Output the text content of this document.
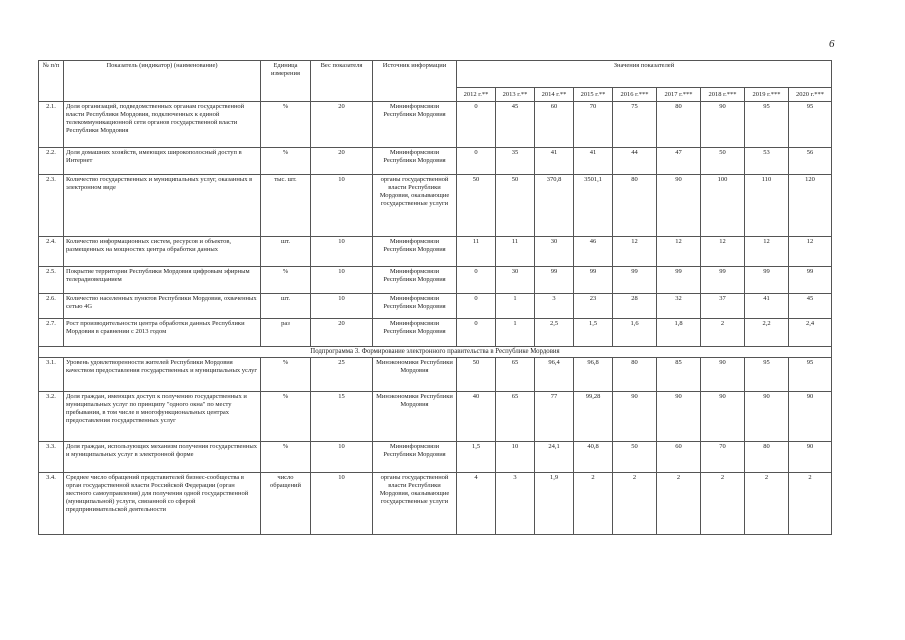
6
№ п/п	Показатель (индикатор) (наименование)	Единица измерения	Вес показателя	Источник информации	Значения показателей								
					2012 г.**	2013 г.**	2014 г.**	2015 г.**	2016 г.***	2017 г.***	2018 г.***	2019 г.***	2020 г.***
2.1.	Доля организаций, подведомственных органам государственной власти Республики Мордовия, подключенных к единой телекоммуникационной сети органов государственной власти Республики Мордовия	%	20	Мининформсвязи Республики Мордовия	0	45	60	70	75	80	90	95	95
2.2.	Доля домашних хозяйств, имеющих широкополосный доступ в Интернет	%	20	Мининформсвязи Республики Мордовия	0	35	41	41	44	47	50	53	56
2.3.	Количество государственных и муниципальных услуг, оказанных в электронном виде	тыс. шт.	10	органы государственной власти Республики Мордовия, оказывающие государственные услуги	50	50	370,8	3501,1	80	90	100	110	120
2.4.	Количество информационных систем, ресурсов и объектов, размещенных на мощностях центра обработки данных	шт.	10	Мининформсвязи Республики Мордовия	11	11	30	46	12	12	12	12	12
2.5.	Покрытие территории Республики Мордовия цифровым эфирным телерадиовещанием	%	10	Мининформсвязи Республики Мордовия	0	30	99	99	99	99	99	99	99
2.6.	Количество населенных пунктов Республики Мордовия, охваченных сетью 4G	шт.	10	Мининформсвязи Республики Мордовия	0	1	3	23	28	32	37	41	45
2.7.	Рост производительности центра обработки данных Республики Мордовия в сравнении с 2013 годом	раз	20	Мининформсвязи Республики Мордовия	0	1	2,5	1,5	1,6	1,8	2	2,2	2,4
Подпрограмма 3. Формирование электронного правительства в Республике Мордовия													
3.1.	Уровень удовлетворенности жителей Республики Мордовия качеством предоставления государственных и муниципальных услуг	%	25	Минэкономики Республики Мордовия	50	65	96,4	96,8	80	85	90	95	95
3.2.	Доля граждан, имеющих доступ к получению государственных и муниципальных услуг по принципу "одного окна" по месту пребывания, в том числе в многофункциональных центрах предоставления государственных услуг	%	15	Минэкономики Республики Мордовия	40	65	77	99,28	90	90	90	90	90
3.3.	Доля граждан, использующих механизм получения государственных и муниципальных услуг в электронной форме	%	10	Мининформсвязи Республики Мордовия	1,5	10	24,1	40,8	50	60	70	80	90
3.4.	Среднее число обращений представителей бизнес-сообщества в орган государственной власти Российской Федерации (орган местного самоуправления) для получения одной государственной (муниципальной) услуги, связанной со сферой предпринимательской деятельности	число обращений	10	органы государственной власти Республики Мордовия, оказывающие государственные услуги	4	3	1,9	2	2	2	2	2	2
